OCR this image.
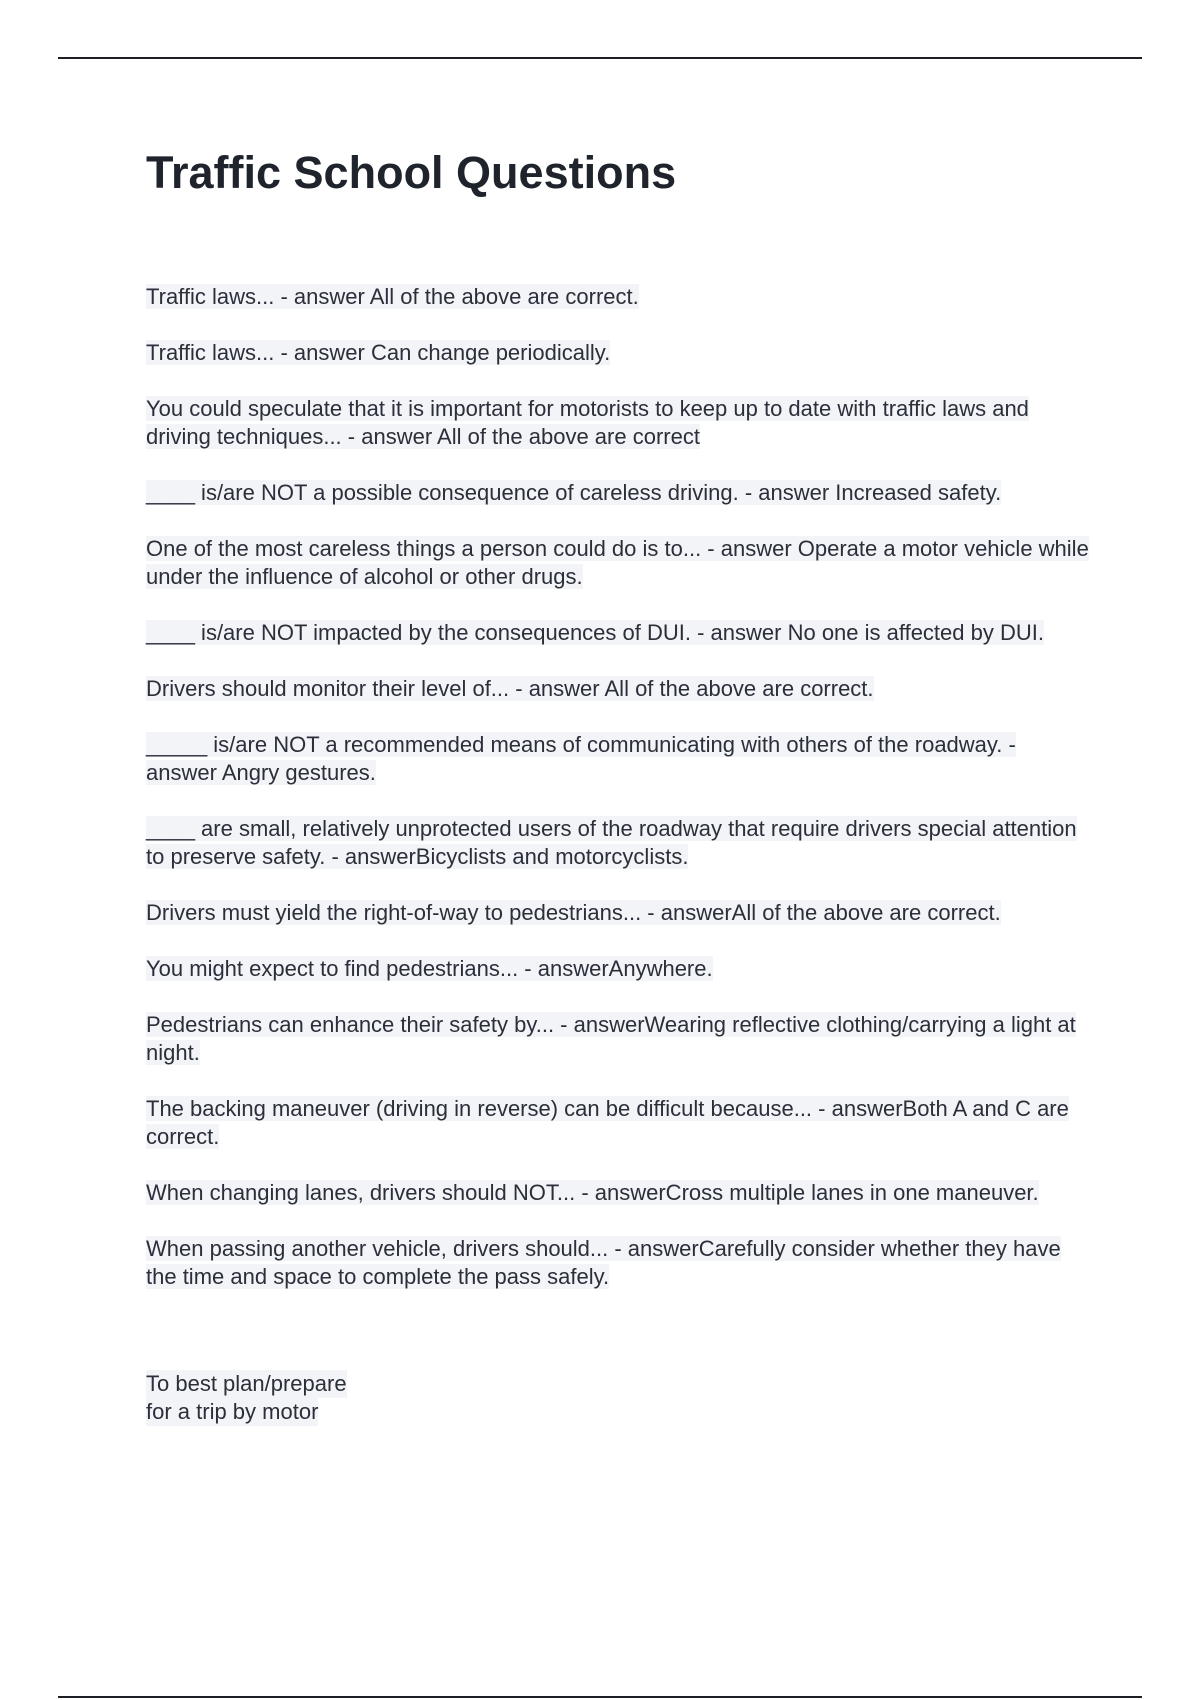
Traffic School Questions
Traffic laws... - answer All of the above are correct.
Traffic laws... - answer Can change periodically.
You could speculate that it is important for motorists to keep up to date with traffic laws and driving techniques... - answer All of the above are correct
____ is/are NOT a possible consequence of careless driving. - answer Increased safety.
One of the most careless things a person could do is to... - answer Operate a motor vehicle while under the influence of alcohol or other drugs.
____ is/are NOT impacted by the consequences of DUI. - answer No one is affected by DUI.
Drivers should monitor their level of... - answer All of the above are correct.
_____ is/are NOT a recommended means of communicating with others of the roadway. - answer Angry gestures.
____ are small, relatively unprotected users of the roadway that require drivers special attention to preserve safety. - answerBicyclists and motorcyclists.
Drivers must yield the right-of-way to pedestrians... - answerAll of the above are correct.
You might expect to find pedestrians... - answerAnywhere.
Pedestrians can enhance their safety by... - answerWearing reflective clothing/carrying a light at night.
The backing maneuver (driving in reverse) can be difficult because... - answerBoth A and C are correct.
When changing lanes, drivers should NOT... - answerCross multiple lanes in one maneuver.
When passing another vehicle, drivers should... - answerCarefully consider whether they have the time and space to complete the pass safely.
To best plan/prepare
for a trip by motor
